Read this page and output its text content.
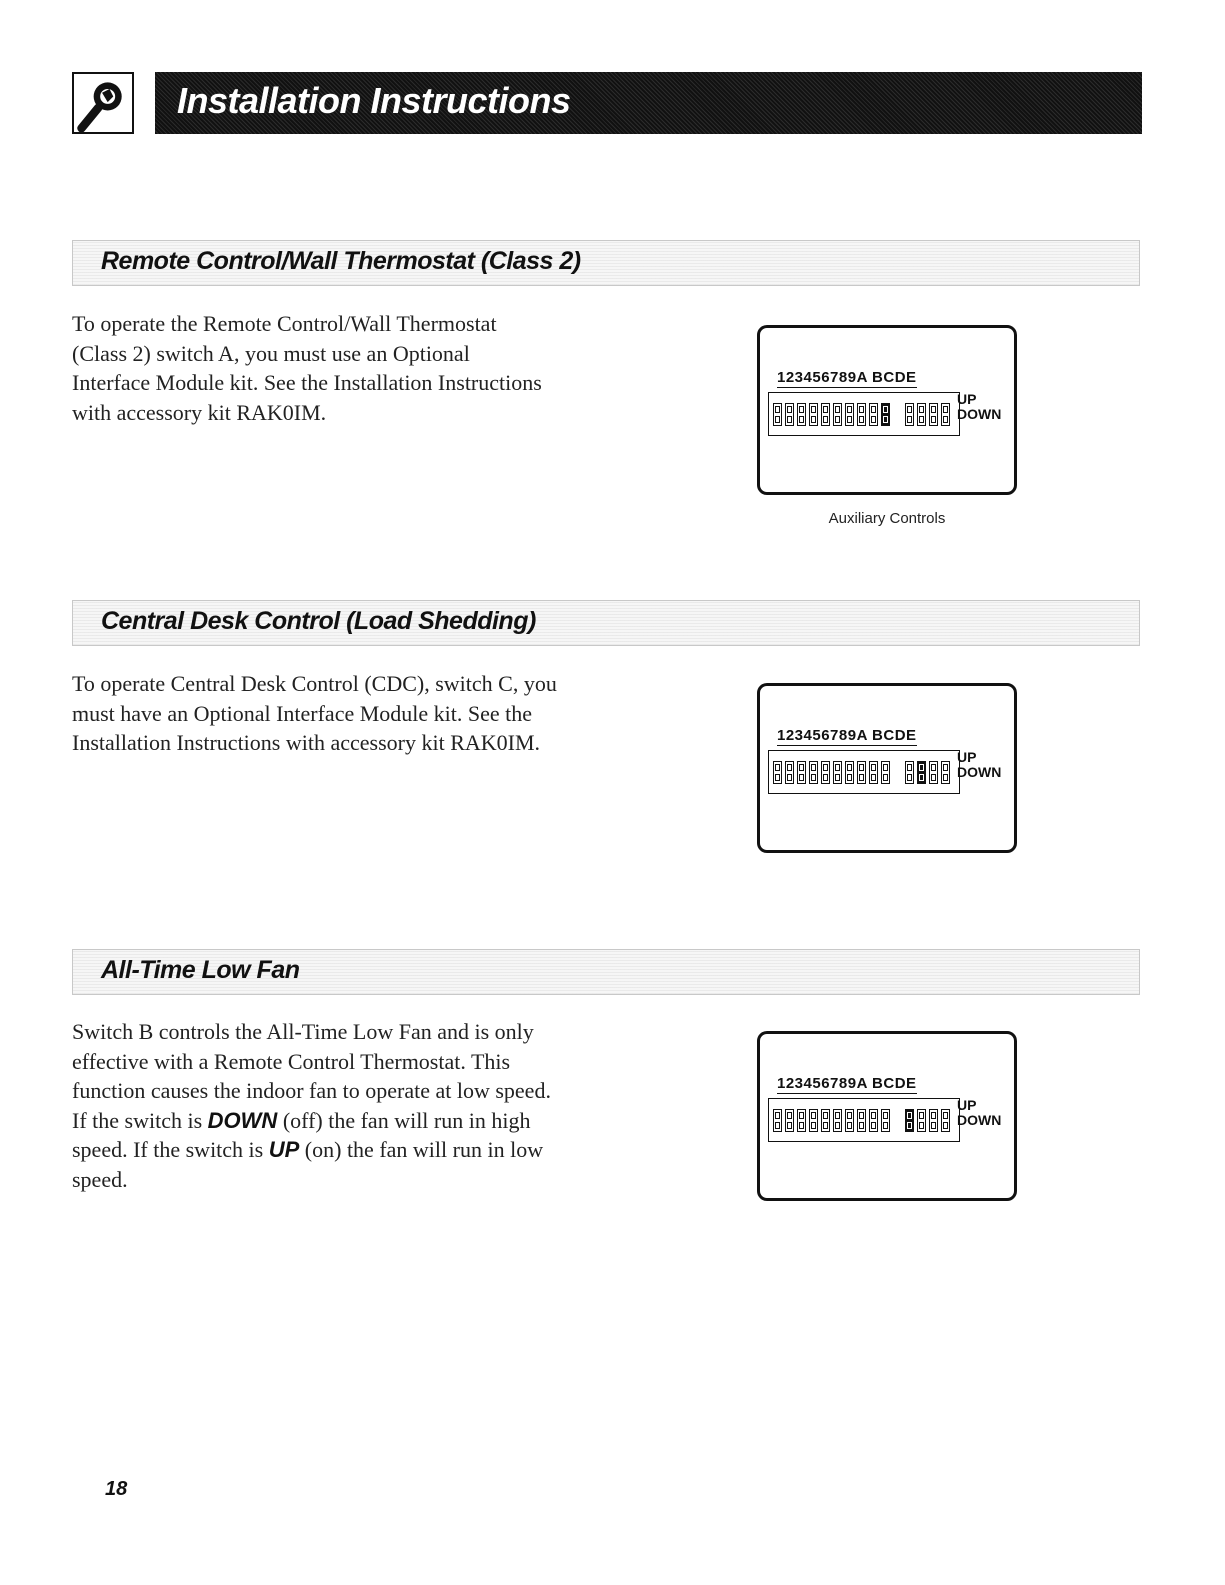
Installation Instructions
Remote Control/Wall Thermostat (Class 2)

To operate the Remote Control/Wall Thermostat (Class 2) switch A, you must use an Optional Interface Module kit. See the Installation Instructions with accessory kit RAK0IM.

123456789A BCDE
UP
DOWN
Auxiliary Controls
Central Desk Control (Load Shedding)

To operate Central Desk Control (CDC), switch C, you must have an Optional Interface Module kit. See the Installation Instructions with accessory kit RAK0IM.	123456789A BCDE
UP
DOWN
All-Time Low Fan

Switch B controls the All-Time Low Fan and is only effective with a Remote Control Thermostat. This function causes the indoor fan to operate at low speed. If the switch is DOWN (off) the fan will run in high speed. If the switch is UP (on) the fan will run in low speed.

123456789A BCDE
UP
DOWN
18
